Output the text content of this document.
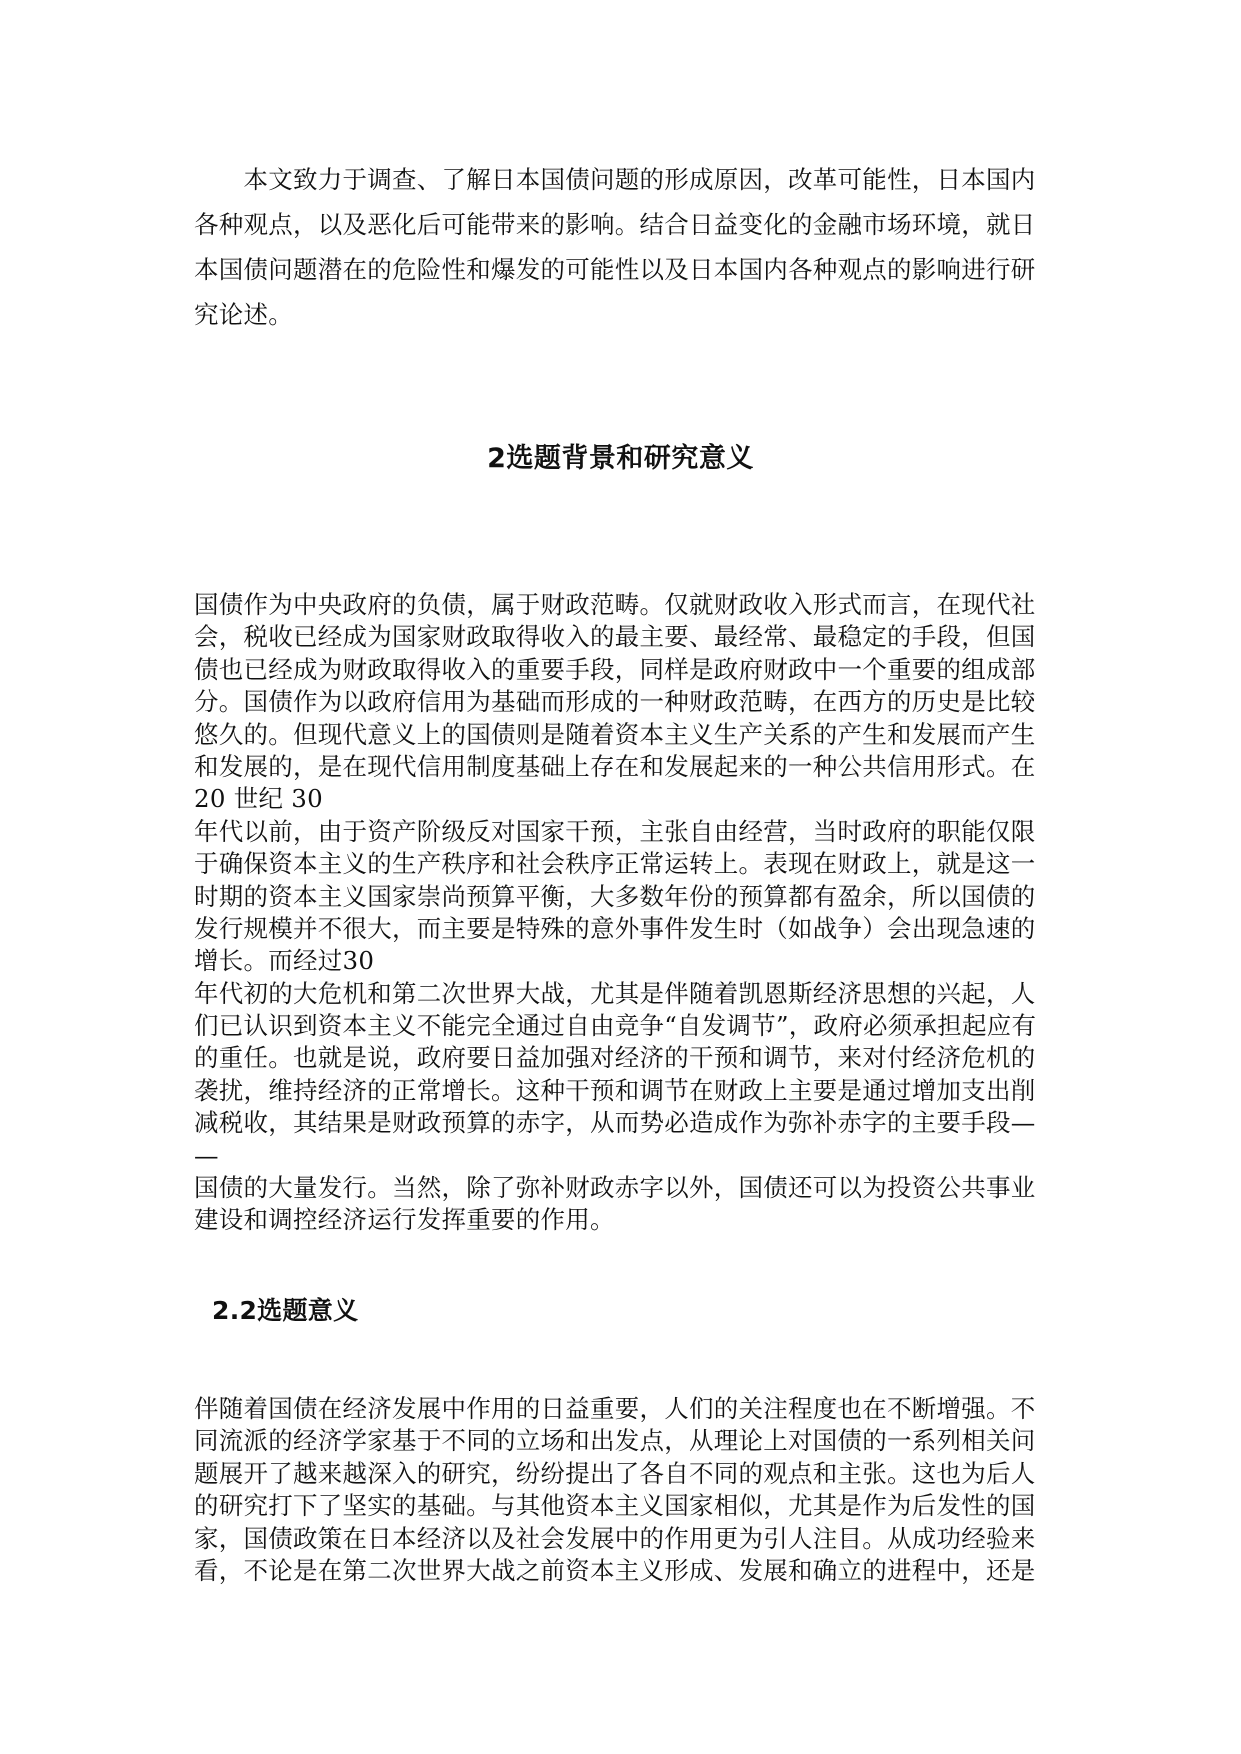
　　本文致力于调查、了解日本国债问题的形成原因，改革可能性，日本国内
各种观点，以及恶化后可能带来的影响。结合日益变化的金融市场环境，就日
本国债问题潜在的危险性和爆发的可能性以及日本国内各种观点的影响进行研
究论述。
2选题背景和研究意义
国债作为中央政府的负债，属于财政范畴。仅就财政收入形式而言，在现代社
会，税收已经成为国家财政取得收入的最主要、最经常、最稳定的手段，但国
债也已经成为财政取得收入的重要手段，同样是政府财政中一个重要的组成部
分。国债作为以政府信用为基础而形成的一种财政范畴，在西方的历史是比较
悠久的。但现代意义上的国债则是随着资本主义生产关系的产生和发展而产生
和发展的，是在现代信用制度基础上存在和发展起来的一种公共信用形式。在
20 世纪 30
年代以前，由于资产阶级反对国家干预，主张自由经营，当时政府的职能仅限
于确保资本主义的生产秩序和社会秩序正常运转上。表现在财政上，就是这一
时期的资本主义国家崇尚预算平衡，大多数年份的预算都有盈余，所以国债的
发行规模并不很大，而主要是特殊的意外事件发生时（如战争）会出现急速的
增长。而经过30
年代初的大危机和第二次世界大战，尤其是伴随着凯恩斯经济思想的兴起，人
们已认识到资本主义不能完全通过自由竞争“自发调节”，政府必须承担起应有
的重任。也就是说，政府要日益加强对经济的干预和调节，来对付经济危机的
袭扰，维持经济的正常增长。这种干预和调节在财政上主要是通过增加支出削
减税收，其结果是财政预算的赤字，从而势必造成作为弥补赤字的主要手段—
—
国债的大量发行。当然，除了弥补财政赤字以外，国债还可以为投资公共事业
建设和调控经济运行发挥重要的作用。
2.2选题意义
伴随着国债在经济发展中作用的日益重要，人们的关注程度也在不断增强。不
同流派的经济学家基于不同的立场和出发点，从理论上对国债的一系列相关问
题展开了越来越深入的研究，纷纷提出了各自不同的观点和主张。这也为后人
的研究打下了坚实的基础。与其他资本主义国家相似，尤其是作为后发性的国
家，国债政策在日本经济以及社会发展中的作用更为引人注目。从成功经验来
看，不论是在第二次世界大战之前资本主义形成、发展和确立的进程中，还是
